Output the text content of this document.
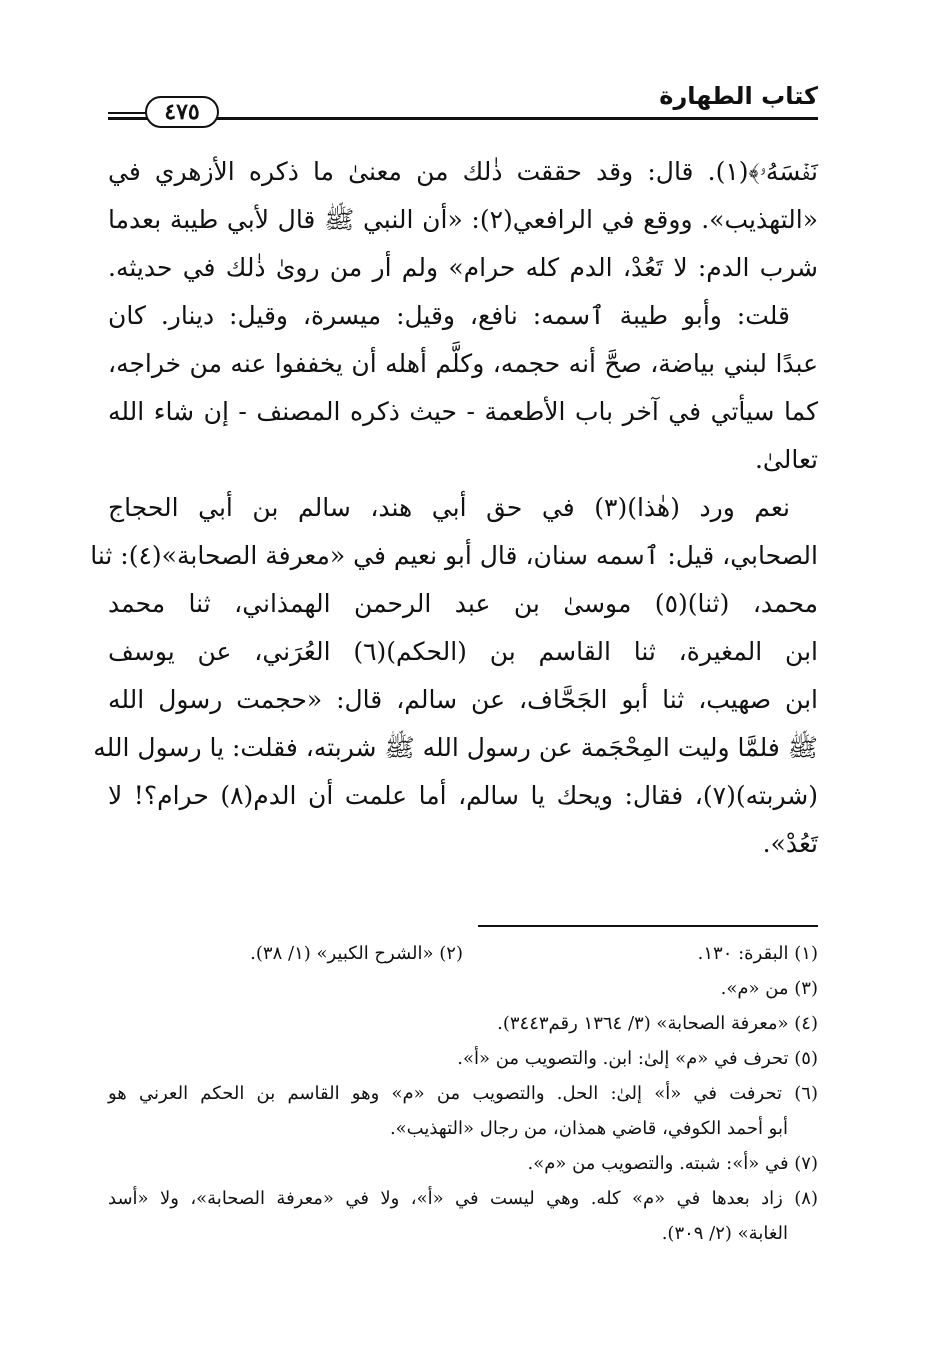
كتاب الطهارة
٤٧٥
نَفۡسَهُۥ﴾(١). قال: وقد حققت ذٰلك من معنىٰ ما ذكره الأزهري في
«التهذيب». ووقع في الرافعي(٢): «أن النبي ﷺ قال لأبي طيبة بعدما
شرب الدم: لا تَعُدْ، الدم كله حرام» ولم أر من روىٰ ذٰلك في حديثه.
قلت: وأبو طيبة ٱسمه: نافع، وقيل: ميسرة، وقيل: دينار. كان
عبدًا لبني بياضة، صحَّ أنه حجمه، وكلَّم أهله أن يخففوا عنه من خراجه،
كما سيأتي في آخر باب الأطعمة - حيث ذكره المصنف - إن شاء الله
تعالىٰ.
نعم ورد (هٰذا)(٣) في حق أبي هند، سالم بن أبي الحجاج
الصحابي، قيل: ٱسمه سنان، قال أبو نعيم في «معرفة الصحابة»(٤): ثنا
محمد، (ثنا)(٥) موسىٰ بن عبد الرحمن الهمذاني، ثنا محمد
ابن المغيرة، ثنا القاسم بن (الحكم)(٦) العُرَني، عن يوسف
ابن صهيب، ثنا أبو الجَحَّاف، عن سالم، قال: «حجمت رسول الله
ﷺ فلمَّا وليت المِحْجَمة عن رسول الله ﷺ شربته، فقلت: يا رسول الله
(شربته)(٧)، فقال: ويحك يا سالم، أما علمت أن الدم(٨) حرام؟! لا
تَعُدْ».
(١) البقرة: ١٣٠.
(٢) «الشرح الكبير» (١/ ٣٨).
(٣) من «م».
(٤) «معرفة الصحابة» (٣/ ١٣٦٤ رقم٣٤٤٣).
(٥) تحرف في «م» إلىٰ: ابن. والتصويب من «أ».
(٦) تحرفت في «أ» إلىٰ: الحل. والتصويب من «م» وهو القاسم بن الحكم العرني هو
أبو أحمد الكوفي، قاضي همذان، من رجال «التهذيب».
(٧) في «أ»: شبته. والتصويب من «م».
(٨) زاد بعدها في «م» كله. وهي ليست في «أ»، ولا في «معرفة الصحابة»، ولا «أسد
الغابة» (٢/ ٣٠٩).
